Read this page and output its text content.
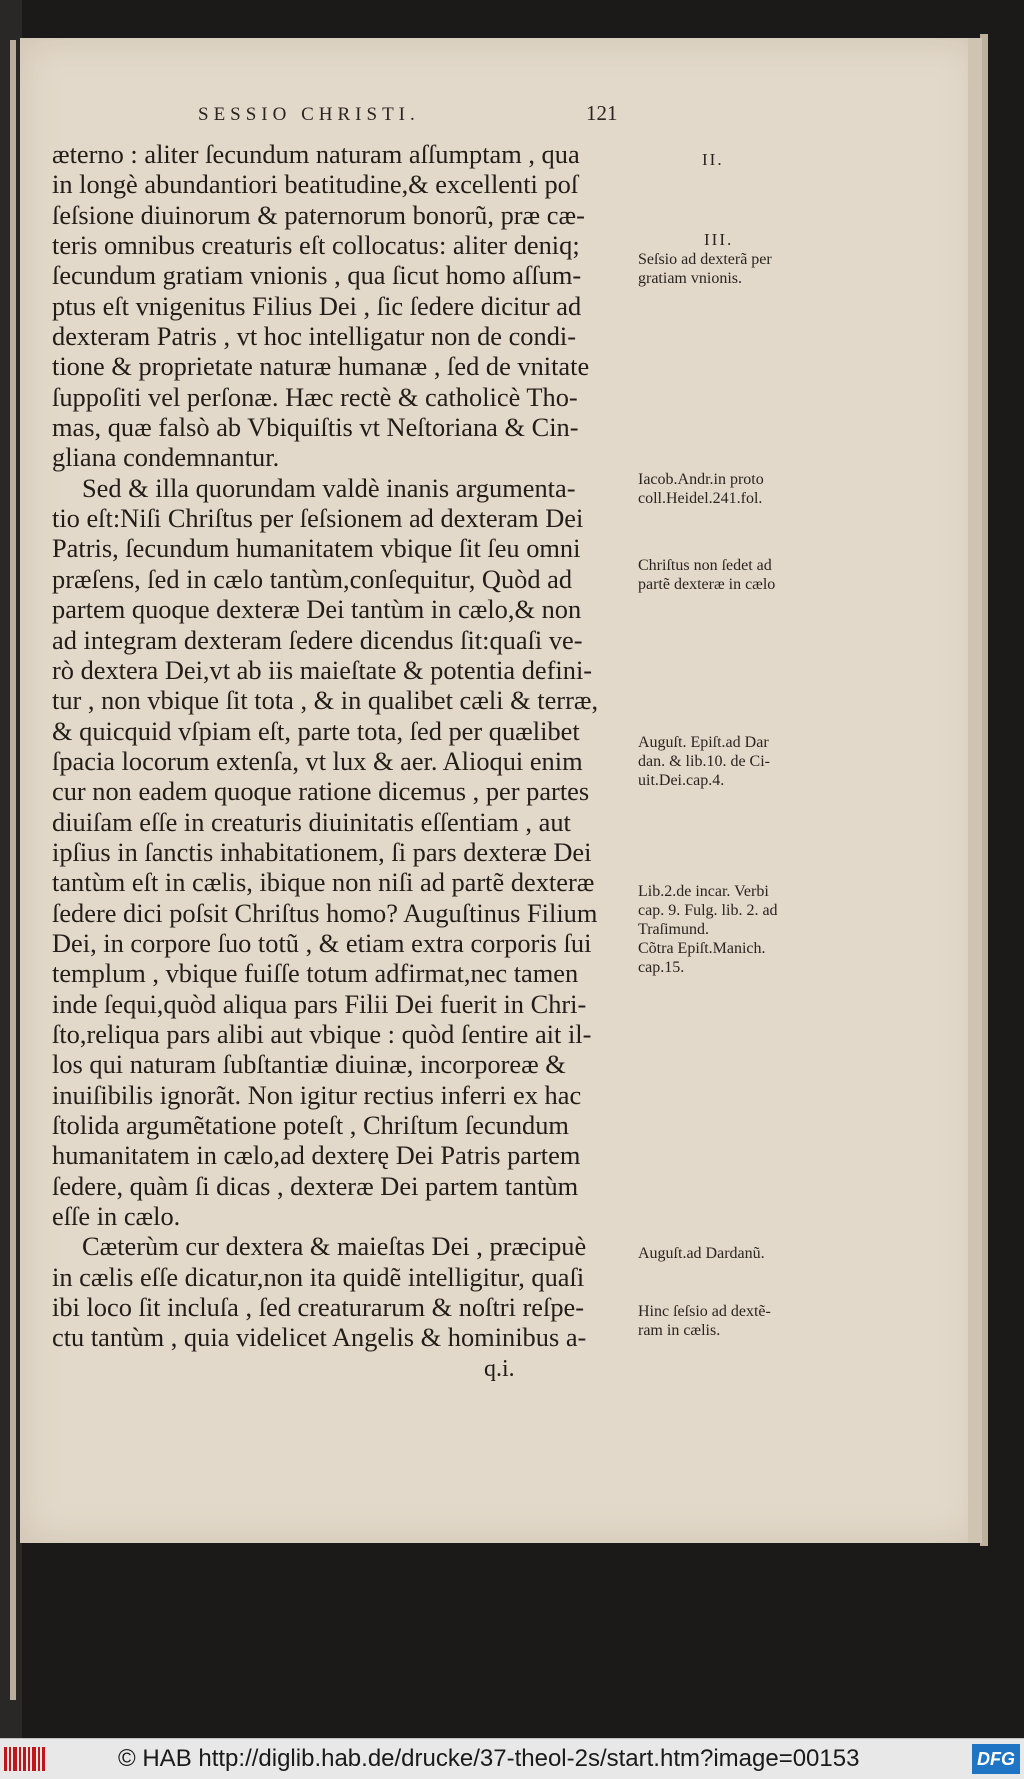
SESSIO CHRISTI.	121
æterno : aliter ſecundum naturam aſſumptam , qua
in longè abundantiori beatitudine,& excellenti poſ
ſeſsione diuinorum & paternorum bonorũ, præ cæ-
teris omnibus creaturis eſt collocatus: aliter deniq;
ſecundum gratiam vnionis , qua ſicut homo aſſum-
ptus eſt vnigenitus Filius Dei , ſic ſedere dicitur ad
dexteram Patris , vt hoc intelligatur non de condi-
tione & proprietate naturæ humanæ , ſed de vnitate
ſuppoſiti vel perſonæ. Hæc rectè & catholicè Tho-
mas, quæ falsò ab Vbiquiſtis vt Neſtoriana & Cin-
gliana condemnantur.
Sed & illa quorundam valdè inanis argumenta-
tio eſt:Niſi Chriſtus per ſeſsionem ad dexteram Dei
Patris, ſecundum humanitatem vbique ſit ſeu omni
præſens, ſed in cælo tantùm,conſequitur, Quòd ad
partem quoque dexteræ Dei tantùm in cælo,& non
ad integram dexteram ſedere dicendus ſit:quaſi ve-
rò dextera Dei,vt ab iis maieſtate & potentia defini-
tur , non vbique ſit tota , & in qualibet cæli & terræ,
& quicquid vſpiam eſt, parte tota, ſed per quælibet
ſpacia locorum extenſa, vt lux & aer. Alioqui enim
cur non eadem quoque ratione dicemus , per partes
diuiſam eſſe in creaturis diuinitatis eſſentiam , aut
ipſius in ſanctis inhabitationem, ſi pars dexteræ Dei
tantùm eſt in cælis, ibique non niſi ad partẽ dexteræ
ſedere dici poſsit Chriſtus homo? Auguſtinus Filium
Dei, in corpore ſuo totũ , & etiam extra corporis ſui
templum , vbique fuiſſe totum adfirmat,nec tamen
inde ſequi,quòd aliqua pars Filii Dei fuerit in Chri-
ſto,reliqua pars alibi aut vbique : quòd ſentire ait il-
los qui naturam ſubſtantiæ diuinæ, incorporeæ &
inuiſibilis ignorãt. Non igitur rectius inferri ex hac
ſtolida argumẽtatione poteſt , Chriſtum ſecundum
humanitatem in cælo,ad dexterę Dei Patris partem
ſedere, quàm ſi dicas , dexteræ Dei partem tantùm
eſſe in cælo.
Cæterùm cur dextera & maieſtas Dei , præcipuè
in cælis eſſe dicatur,non ita quidẽ intelligitur, quaſi
ibi loco ſit incluſa , ſed creaturarum & noſtri reſpe-
ctu tantùm , quia videlicet Angelis & hominibus a-
q.i.
II.
III.
Seſsio ad dexterã per
gratiam vnionis.
Iacob.Andr.in proto
coll.Heidel.241.fol.
Chriſtus non ſedet ad
partẽ dexteræ in cælo
Auguſt. Epiſt.ad Dar
dan. & lib.10. de Ci-
uit.Dei.cap.4.
Lib.2.de incar. Verbi
cap. 9. Fulg. lib. 2. ad
Traſimund.
Cõtra Epiſt.Manich.
cap.15.
Auguſt.ad Dardanũ.
Hinc ſeſsio ad dextẽ-
ram in cælis.
© HAB http://diglib.hab.de/drucke/37-theol-2s/start.htm?image=00153	DFG
